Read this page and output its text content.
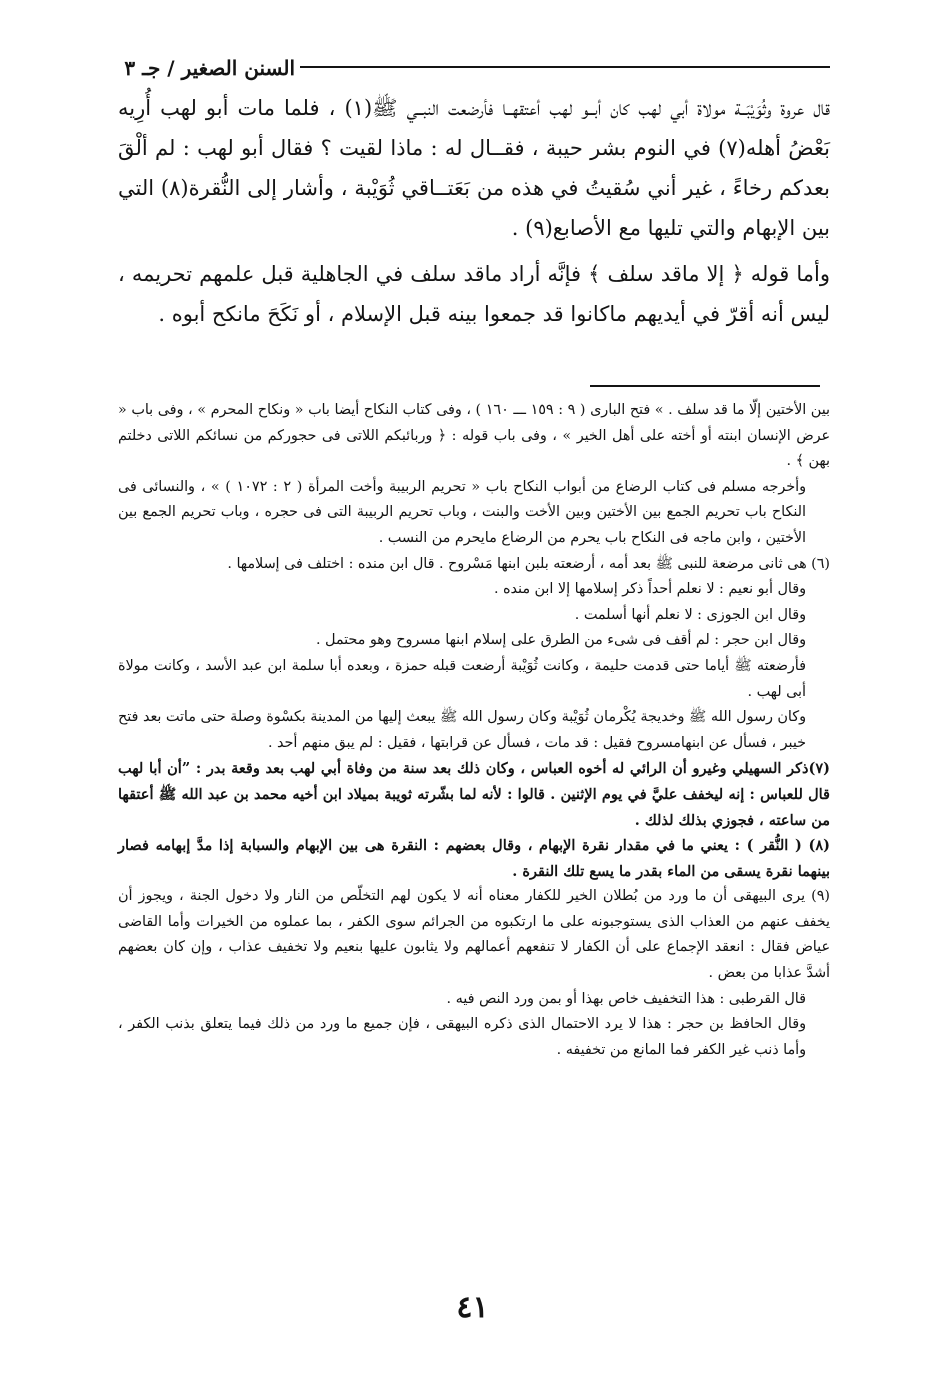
السنن الصغير / جـ ٣

قال عروة وثُوَيْبَــة مولاة أبي لهب كان أبــو لهب أعتقهــا فأرضعت النبــي ﷺ(١) ، فلما مات أبو لهب أُرِيه بَعْضُ أهله(٧) في النوم بشر حيبة ، فقــال له : ماذا لقيت ؟ فقال أبو لهب : لم ألْقَ بعدكم رخاءً ، غير أني سُقيتُ في هذه من بَعَتــاقي ثُوَيْبة ، وأشار إلى النُّقرة(٨) التي بين الإبهام والتي تليها مع الأصابع(٩) .

وأما قوله ﴿ إلا ماقد سلف ﴾ فإنَّه أراد ماقد سلف في الجاهلية قبل علمهم تحريمه ، ليس أنه أقرّ في أيديهم ماكانوا قد جمعوا بينه قبل الإسلام ، أو نَكَحَ مانكح أبوه .

بين الأختين إلّا ما قد سلف . » فتح البارى ( ٩ : ١٥٩ ـــ ١٦٠ ) ، وفى كتاب النكاح أيضا باب « ونكاح المحرم » ، وفى باب « عرض الإنسان ابنته أو أخته على أهل الخير » ، وفى باب قوله : ﴿ وربائبكم اللاتى فى حجوركم من نسائكم اللاتى دخلتم بهن ﴾ .

وأخرجه مسلم فى كتاب الرضاع من أبواب النكاح باب « تحريم الربيبة وأخت المرأة ( ٢ : ١٠٧٢ ) » ، والنسائى فى النكاح باب تحريم الجمع بين الأختين وبين الأخت والبنت ، وباب تحريم الربيبة التى فى حجره ، وباب تحريم الجمع بين الأختين ، وابن ماجه فى النكاح باب يحرم من الرضاع مايحرم من النسب .

(٦) هى ثانى مرضعة للنبى ﷺ بعد أمه ، أرضعته بلبن ابنها مَسْروح . قال ابن منده : اختلف فى إسلامها .

وقال أبو نعيم : لا نعلم أحداً ذكر إسلامها إلا ابن منده .

وقال ابن الجوزى : لا نعلم أنها أسلمت .

وقال ابن حجر : لم أقف فى شىء من الطرق على إسلام ابنها مسروح وهو محتمل .

فأرضعته ﷺ أياما حتى قدمت حليمة ، وكانت ثُوَيْبة أرضعت قبله حمزة ، وبعده أبا سلمة ابن عبد الأسد ، وكانت مولاة أبى لهب .

وكان رسول الله ﷺ وخديجة يُكْرمان ثُوَيْبة وكان رسول الله ﷺ يبعث إليها من المدينة بكسْوة وصلة حتى ماتت بعد فتح خيبر ، فسأل عن ابنهامسروح فقيل : قد مات ، فسأل عن قرابتها ، فقيل : لم يبق منهم أحد .

(٧)ذكر السهيلي وغيرو أن الرائي له أخوه العباس ، وكان ذلك بعد سنة من وفاة أبي لهب بعد وقعة بدر : ”أن أبا لهب قال للعباس : إنه ليخفف عليَّ في يوم الإثنين . قالوا : لأنه لما بشّرته ثويبة بميلاد ابن أخيه محمد بن عبد الله ﷺ أعتقها من ساعته ، فجوزي بذلك لذلك .

(٨) ( النُّقر ) : يعني ما في مقدار نقرة الإبهام ، وقال بعضهم : النقرة هى بين الإبهام والسبابة إذا مدَّ إبهامه فصار بينهما نقرة يسقى من الماء بقدر ما يسع تلك النقرة .

(٩) يرى البيهقى أن ما ورد من بُطلان الخير للكفار معناه أنه لا يكون لهم التخلّص من النار ولا دخول الجنة ، ويجوز أن يخفف عنهم من العذاب الذى يستوجبونه على ما ارتكبوه من الجرائم سوى الكفر ، بما عملوه من الخيرات وأما القاضى عياض فقال : انعقد الإجماع على أن الكفار لا تنفعهم أعمالهم ولا يثابون عليها بنعيم ولا تخفيف عذاب ، وإن كان بعضهم أشدَّ عذابا من بعض .

قال القرطبى : هذا التخفيف خاص بهذا أو بمن ورد النص فيه .

وقال الحافظ بن حجر : هذا لا يرد الاحتمال الذى ذكره البيهقى ، فإن جميع ما ورد من ذلك فيما يتعلق بذنب الكفر ، وأما ذنب غير الكفر فما المانع من تخفيفه .

٤١
